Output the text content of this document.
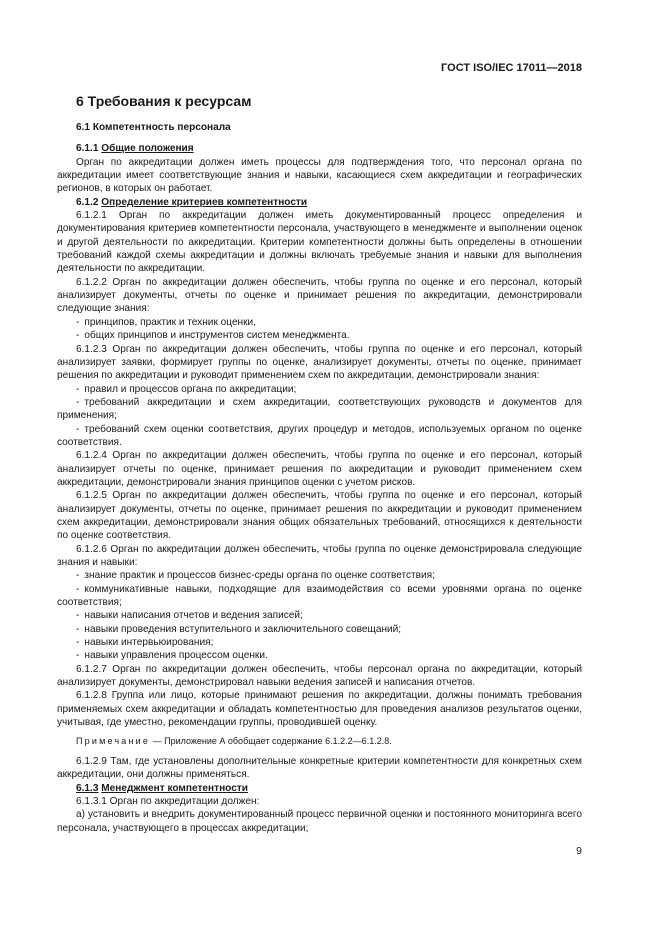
ГОСТ ISO/IEC 17011—2018
6 Требования к ресурсам
6.1 Компетентность персонала

6.1.1 Общие положения

Орган по аккредитации должен иметь процессы для подтверждения того, что персонал органа по аккредитации имеет соответствующие знания и навыки, касающиеся схем аккредитации и географических регионов, в которых он работает.

6.1.2 Определение критериев компетентности

6.1.2.1 Орган по аккредитации должен иметь документированный процесс определения и документирования критериев компетентности персонала, участвующего в менеджменте и выполнении оценок и другой деятельности по аккредитации. Критерии компетентности должны быть определены в отношении требований каждой схемы аккредитации и должны включать требуемые знания и навыки для выполнения деятельности по аккредитации.

6.1.2.2 Орган по аккредитации должен обеспечить, чтобы группа по оценке и его персонал, который анализирует документы, отчеты по оценке и принимает решения по аккредитации, демонстрировали следующие знания:

- принципов, практик и техник оценки,

- общих принципов и инструментов систем менеджмента.

6.1.2.3 Орган по аккредитации должен обеспечить, чтобы группа по оценке и его персонал, который анализирует заявки, формирует группы по оценке, анализирует документы, отчеты по оценке, принимает решения по аккредитации и руководит применением схем по аккредитации, демонстрировали знания:

- правил и процессов органа по аккредитации;

- требований аккредитации и схем аккредитации, соответствующих руководств и документов для применения;

- требований схем оценки соответствия, других процедур и методов, используемых органом по оценке соответствия.

6.1.2.4 Орган по аккредитации должен обеспечить, чтобы группа по оценке и его персонал, который анализирует отчеты по оценке, принимает решения по аккредитации и руководит применением схем аккредитации, демонстрировали знания принципов оценки с учетом рисков.

6.1.2.5 Орган по аккредитации должен обеспечить, чтобы группа по оценке и его персонал, который анализирует документы, отчеты по оценке, принимает решения по аккредитации и руководит применением схем аккредитации, демонстрировали знания общих обязательных требований, относящихся к деятельности по оценке соответствия.

6.1.2.6 Орган по аккредитации должен обеспечить, чтобы группа по оценке демонстрировала следующие знания и навыки:

- знание практик и процессов бизнес-среды органа по оценке соответствия;

- коммуникативные навыки, подходящие для взаимодействия со всеми уровнями органа по оценке соответствия;

- навыки написания отчетов и ведения записей;

- навыки проведения вступительного и заключительного совещаний;

- навыки интервьюирования;

- навыки управления процессом оценки.

6.1.2.7 Орган по аккредитации должен обеспечить, чтобы персонал органа по аккредитации, который анализирует документы, демонстрировал навыки ведения записей и написания отчетов.

6.1.2.8 Группа или лицо, которые принимают решения по аккредитации, должны понимать требования применяемых схем аккредитации и обладать компетентностью для проведения анализов результатов оценки, учитывая, где уместно, рекомендации группы, проводившей оценку.

Примечание — Приложение А обобщает содержание 6.1.2.2—6.1.2.8.

6.1.2.9 Там, где установлены дополнительные конкретные критерии компетентности для конкретных схем аккредитации, они должны применяться.

6.1.3 Менеджмент компетентности

6.1.3.1 Орган по аккредитации должен:

а) установить и внедрить документированный процесс первичной оценки и постоянного мониторинга всего персонала, участвующего в процессах аккредитации;

9
